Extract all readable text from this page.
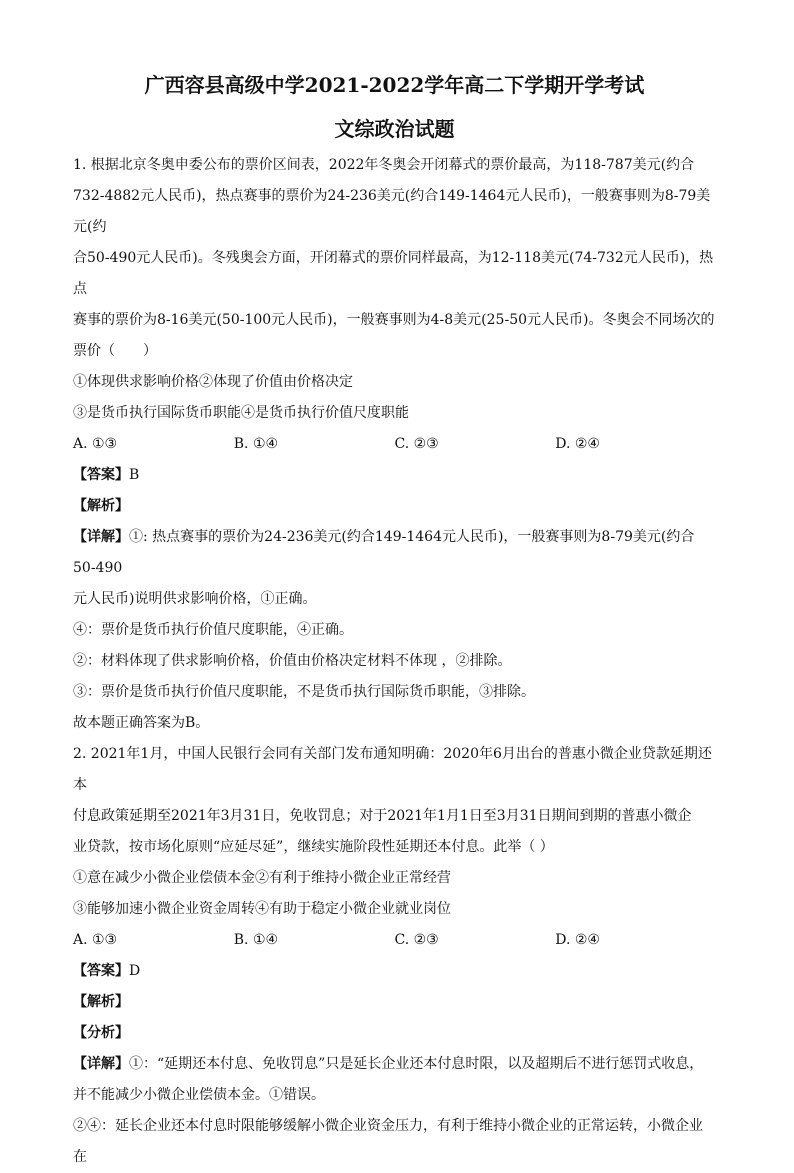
广西容县高级中学2021-2022学年高二下学期开学考试
文综政治试题

1. 根据北京冬奥申委公布的票价区间表，2022年冬奥会开闭幕式的票价最高，为118-787美元(约合

732-4882元人民币)，热点赛事的票价为24-236美元(约合149-1464元人民币)，一般赛事则为8-79美元(约

合50-490元人民币)。冬残奥会方面，开闭幕式的票价同样最高，为12-118美元(74-732元人民币)，热点

赛事的票价为8-16美元(50-100元人民币)，一般赛事则为4-8美元(25-50元人民币)。冬奥会不同场次的

票价（　　）

①体现供求影响价格②体现了价值由价格决定

③是货币执行国际货币职能④是货币执行价值尺度职能

A. ①③	B. ①④	C. ②③	D. ②④

【答案】B

【解析】

【详解】①: 热点赛事的票价为24-236美元(约合149-1464元人民币)，一般赛事则为8-79美元(约合50-490

元人民币)说明供求影响价格，①正确。

④：票价是货币执行价值尺度职能，④正确。

②：材料体现了供求影响价格，价值由价格决定材料不体现 ，②排除。

③：票价是货币执行价值尺度职能，不是货币执行国际货币职能，③排除。

故本题正确答案为B。

2. 2021年1月，中国人民银行会同有关部门发布通知明确：2020年6月出台的普惠小微企业贷款延期还本

付息政策延期至2021年3月31日，免收罚息；对于2021年1月1日至3月31日期间到期的普惠小微企

业贷款，按市场化原则“应延尽延”，继续实施阶段性延期还本付息。此举（ ）

①意在减少小微企业偿债本金②有利于维持小微企业正常经营

③能够加速小微企业资金周转④有助于稳定小微企业就业岗位

A. ①③	B. ①④	C. ②③	D. ②④

【答案】D

【解析】

【分析】

【详解】①：“延期还本付息、免收罚息”只是延长企业还本付息时限，以及超期后不进行惩罚式收息，

并不能减少小微企业偿债本金。①错误。

②④：延长企业还本付息时限能够缓解小微企业资金压力，有利于维持小微企业的正常运转，小微企业在
